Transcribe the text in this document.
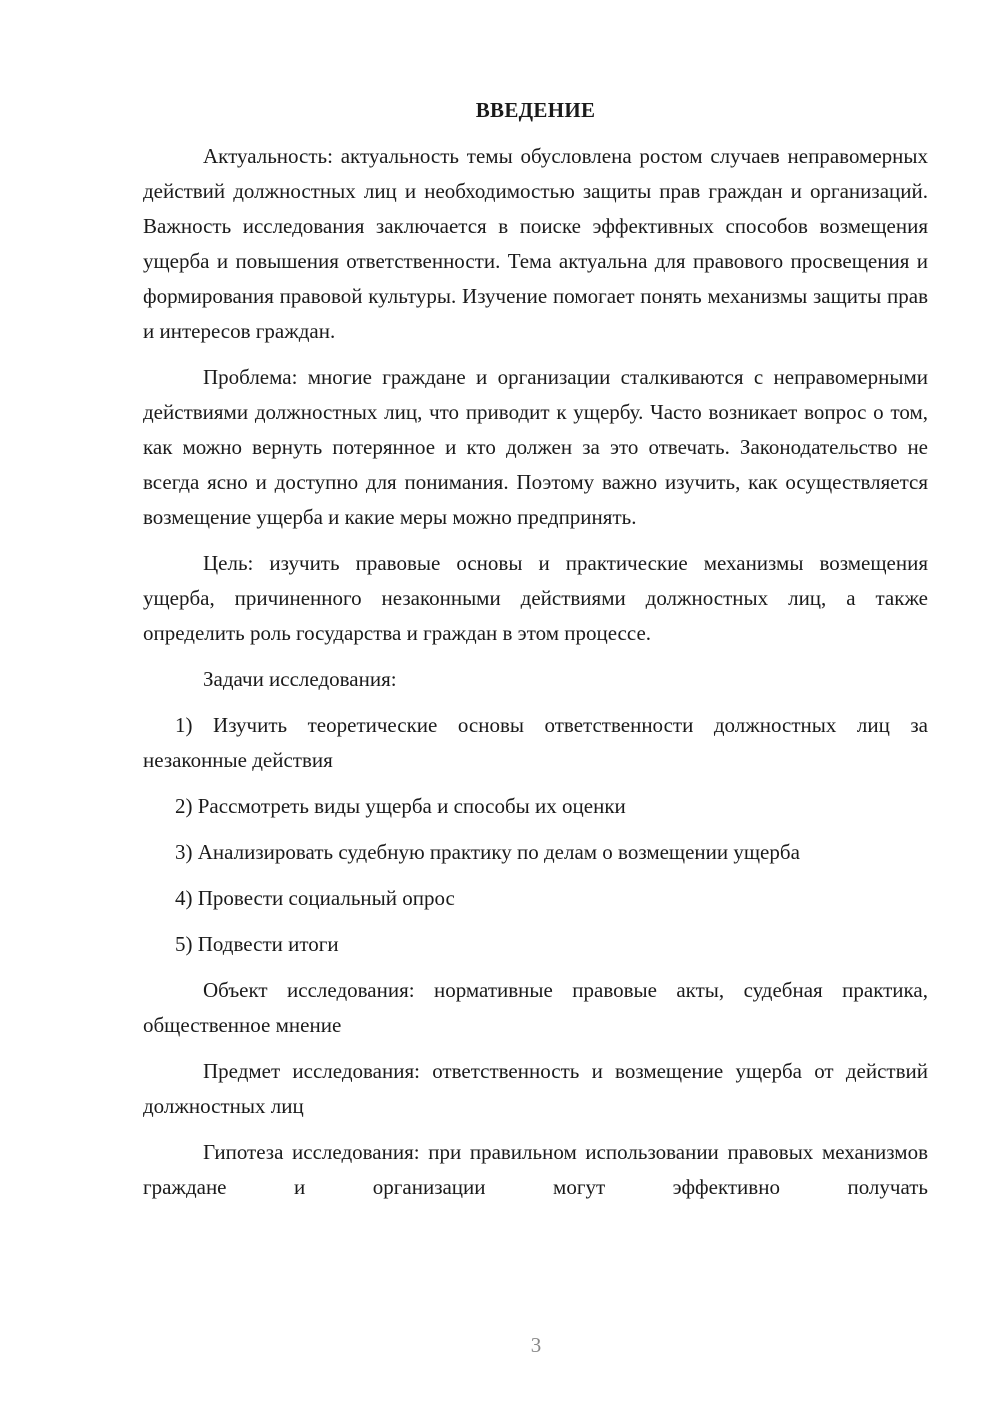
ВВЕДЕНИЕ

Актуальность: актуальность темы обусловлена ростом случаев неправомерных действий должностных лиц и необходимостью защиты прав граждан и организаций. Важность исследования заключается в поиске эффективных способов возмещения ущерба и повышения ответственности. Тема актуальна для правового просвещения и формирования правовой культуры. Изучение помогает понять механизмы защиты прав и интересов граждан.

Проблема: многие граждане и организации сталкиваются с неправомерными действиями должностных лиц, что приводит к ущербу. Часто возникает вопрос о том, как можно вернуть потерянное и кто должен за это отвечать. Законодательство не всегда ясно и доступно для понимания. Поэтому важно изучить, как осуществляется возмещение ущерба и какие меры можно предпринять.

Цель: изучить правовые основы и практические механизмы возмещения ущерба, причиненного незаконными действиями должностных лиц, а также определить роль государства и граждан в этом процессе.

Задачи исследования:

1) Изучить теоретические основы ответственности должностных лиц за незаконные действия

2) Рассмотреть виды ущерба и способы их оценки

3) Анализировать судебную практику по делам о возмещении ущерба

4) Провести социальный опрос

5) Подвести итоги

Объект исследования: нормативные правовые акты, судебная практика, общественное мнение

Предмет исследования: ответственность и возмещение ущерба от действий должностных лиц

Гипотеза исследования: при правильном использовании правовых механизмов граждане и организации могут эффективно получать

3
